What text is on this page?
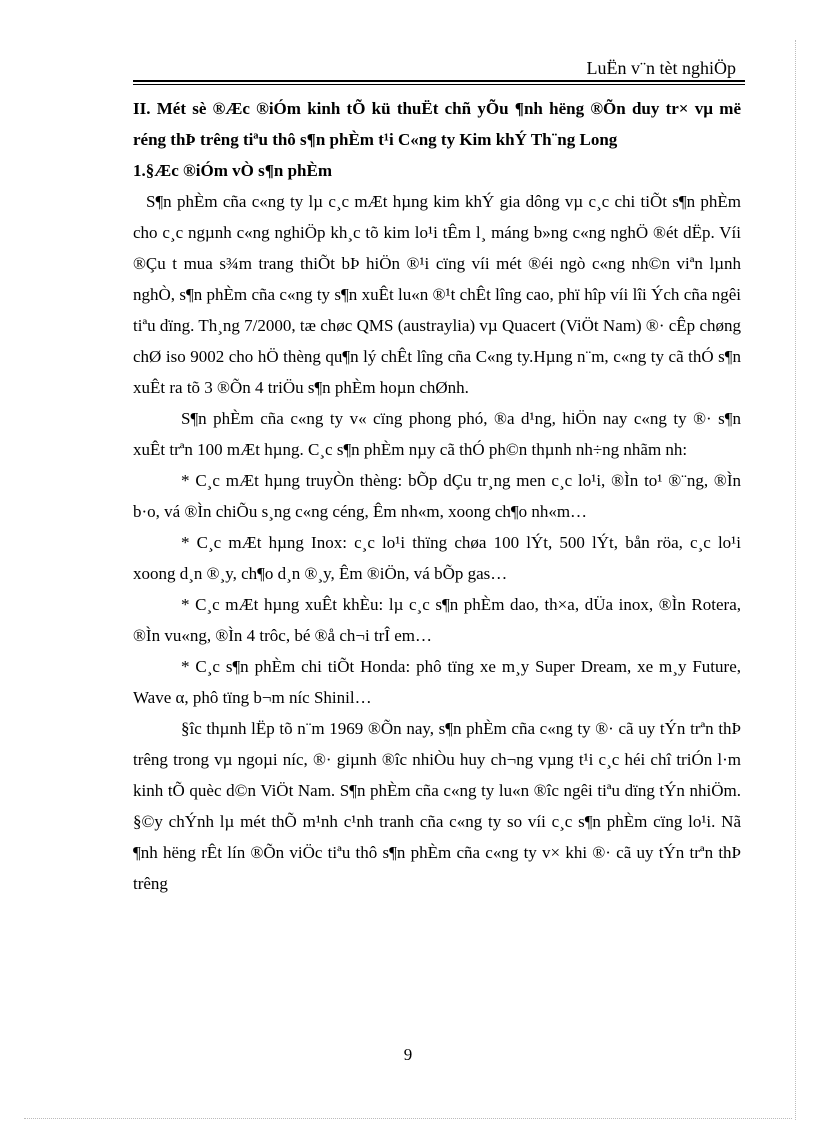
LuËn v¨n tèt nghiÖp

II. Mét sè ®Æc ®iÓm kinh tÕ kü thuËt chñ yÕu ¶nh hëng ®Õn duy tr× vµ më réng thÞ trêng tiªu thô s¶n phÈm t¹i C«ng ty Kim khÝ Th¨ng Long

1.§Æc ®iÓm vÒ s¶n phÈm

S¶n phÈm cña c«ng ty lµ c¸c mÆt hµng kim khÝ gia dông vµ c¸c chi tiÕt s¶n phÈm cho c¸c ngµnh c«ng nghiÖp kh¸c tõ kim lo¹i tÊm l¸ máng b»ng c«ng nghÖ ®ét dËp. Víi ®Çu t mua s¾m trang thiÕt bÞ hiÖn ®¹i cïng víi mét ®éi ngò c«ng nh©n viªn lµnh nghÒ, s¶n phÈm cña c«ng ty s¶n xuÊt lu«n ®¹t chÊt lîng cao, phï hîp víi lîi Ých cña ngêi tiªu dïng. Th¸ng 7/2000, tæ chøc QMS (austraylia) vµ Quacert (ViÖt Nam) ®· cÊp chøng chØ iso 9002 cho hÖ thèng qu¶n lý chÊt lîng cña C«ng ty.Hµng n¨m, c«ng ty cã thÓ s¶n xuÊt ra tõ 3 ®Õn 4 triÖu s¶n phÈm hoµn chØnh.

S¶n phÈm cña c«ng ty v« cïng phong phó, ®a d¹ng, hiÖn nay c«ng ty ®· s¶n xuÊt trªn 100 mÆt hµng. C¸c s¶n phÈm nµy cã thÓ ph©n thµnh nh÷ng nhãm nh:

* C¸c mÆt hµng truyÒn thèng: bÕp dÇu tr¸ng men c¸c lo¹i, ®Ìn to¹ ®¨ng, ®Ìn b·o, vá ®Ìn chiÕu s¸ng c«ng céng, Êm nh«m, xoong ch¶o nh«m…

* C¸c mÆt hµng Inox: c¸c lo¹i thïng chøa 100 lÝt, 500 lÝt, bån röa, c¸c lo¹i xoong d¸n ®¸y, ch¶o d¸n ®¸y, Êm ®iÖn, vá bÕp gas…

* C¸c mÆt hµng xuÊt khÈu: lµ c¸c s¶n phÈm dao, th×a, dÜa inox, ®Ìn Rotera, ®Ìn vu«ng, ®Ìn 4 trôc, bé ®å ch¬i trÎ em…

* C¸c s¶n phÈm chi tiÕt Honda: phô tïng xe m¸y Super Dream, xe m¸y Future, Wave α, phô tïng b¬m níc Shinil…

§îc thµnh lËp tõ n¨m 1969 ®Õn nay, s¶n phÈm cña c«ng ty ®· cã uy tÝn trªn thÞ trêng trong vµ ngoµi níc, ®· giµnh ®îc nhiÒu huy ch¬ng vµng t¹i c¸c héi chî triÓn l·m kinh tÕ quèc d©n ViÖt Nam. S¶n phÈm cña c«ng ty lu«n ®îc ngêi tiªu dïng tÝn nhiÖm. §©y chÝnh lµ mét thÕ m¹nh c¹nh tranh cña c«ng ty so víi c¸c s¶n phÈm cïng lo¹i. Nã ¶nh hëng rÊt lín ®Õn viÖc tiªu thô s¶n phÈm cña c«ng ty v× khi ®· cã uy tÝn trªn thÞ trêng

9
